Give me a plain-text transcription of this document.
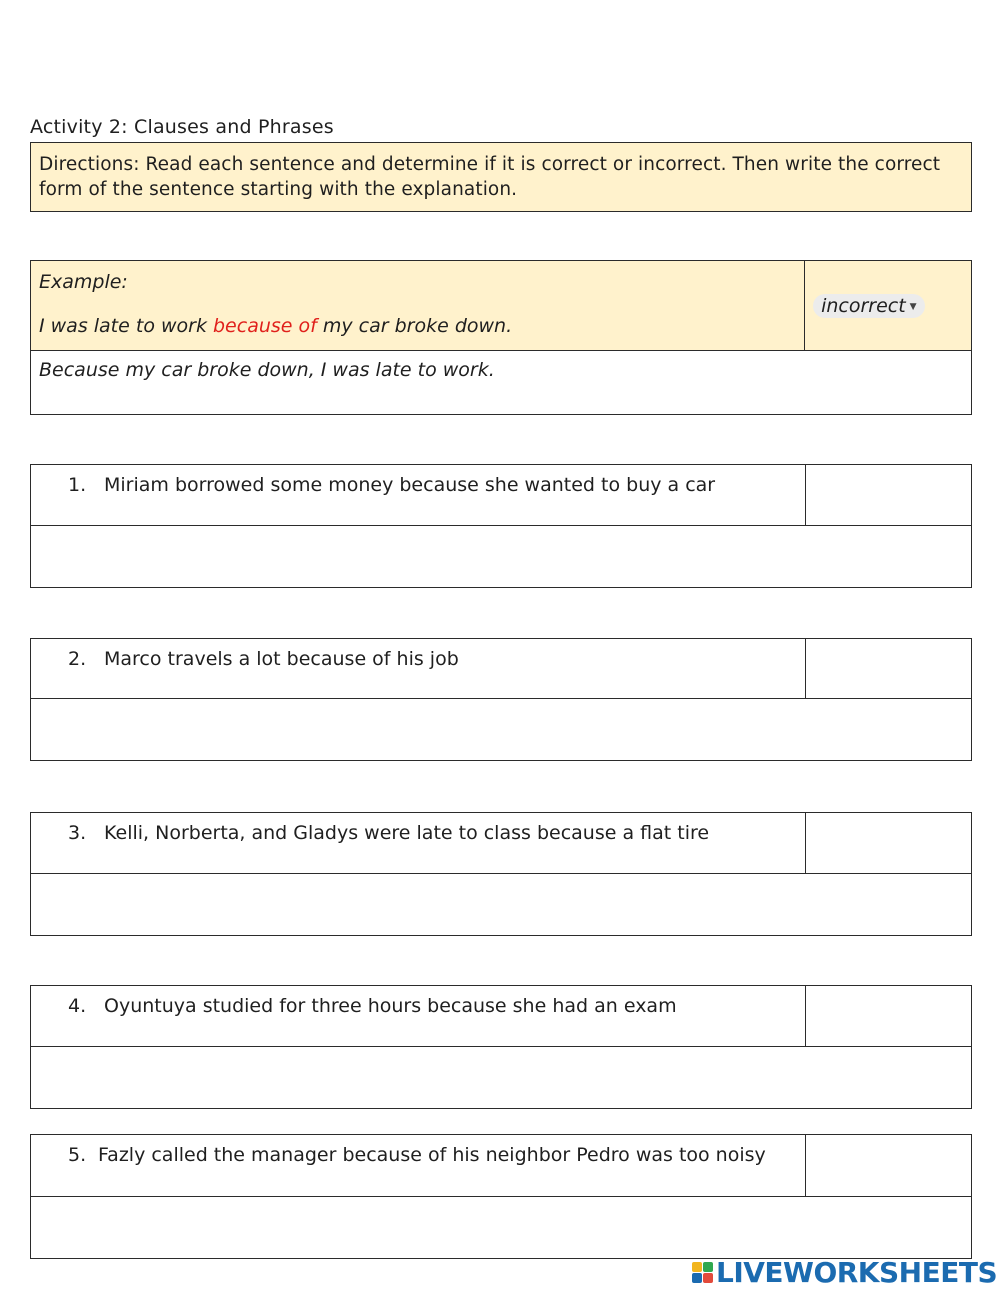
Activity 2: Clauses and Phrases
Directions: Read each sentence and determine if it is correct or incorrect. Then write the correct form of the sentence starting with the explanation.
Example:
I was late to work because of my car broke down.	
incorrect ▼

Because my car broke down, I was late to work.
1. Miriam borrowed some money because she wanted to buy a car	

2. Marco travels a lot because of his job	

3. Kelli, Norberta, and Gladys were late to class because a flat tire	

4. Oyuntuya studied for three hours because she had an exam	

5. Fazly called the manager because of his neighbor Pedro was too noisy	

LIVEWORKSHEETS
